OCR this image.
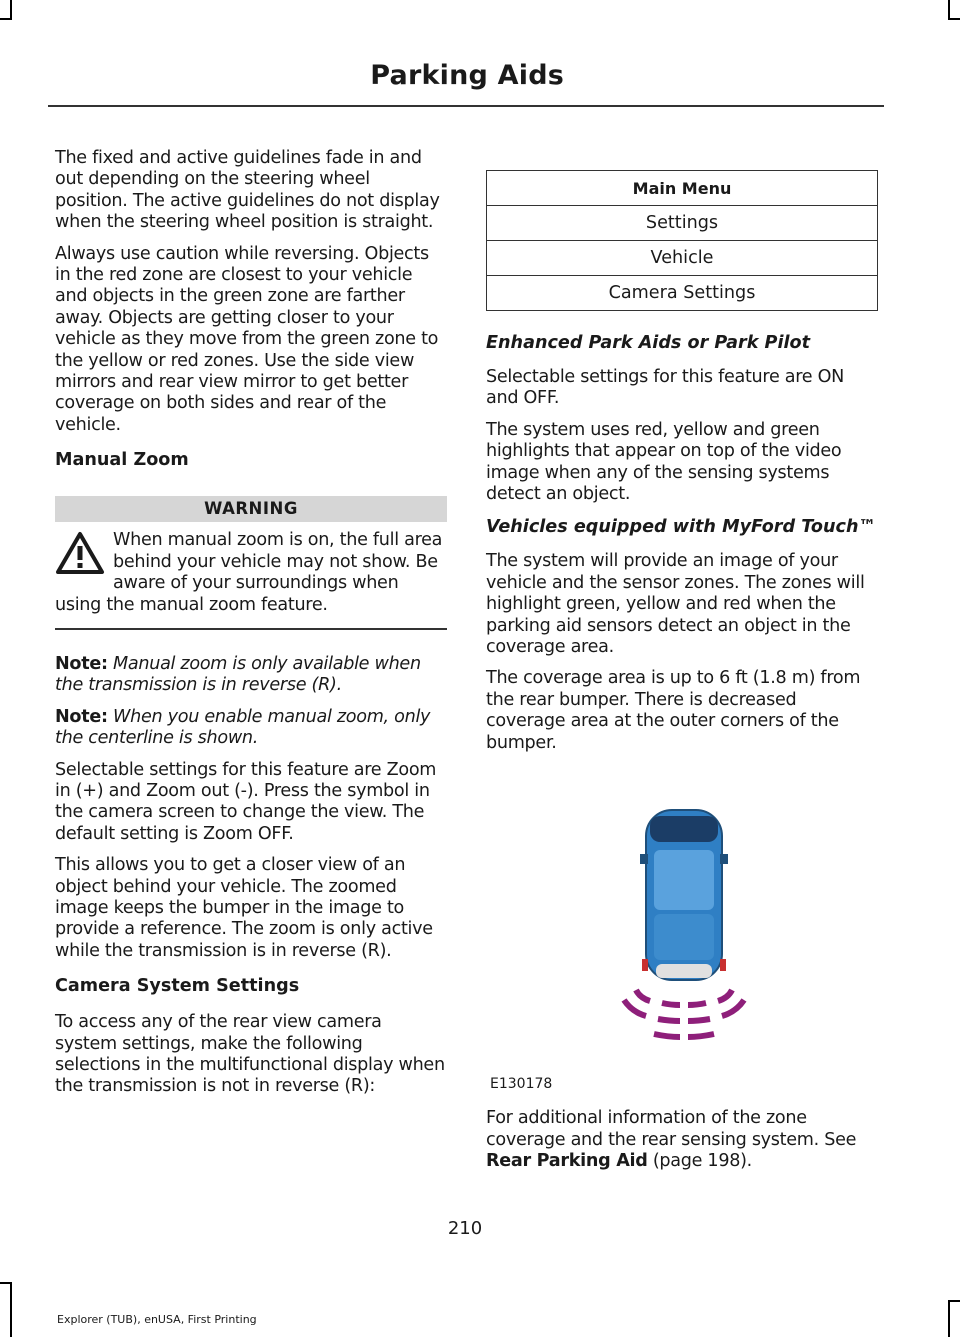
Parking Aids

The fixed and active guidelines fade in and out depending on the steering wheel position. The active guidelines do not display when the steering wheel position is straight.

Always use caution while reversing. Objects in the red zone are closest to your vehicle and objects in the green zone are farther away. Objects are getting closer to your vehicle as they move from the green zone to the yellow or red zones. Use the side view mirrors and rear view mirror to get better coverage on both sides and rear of the vehicle.

Manual Zoom
WARNING
When manual zoom is on, the full area behind your vehicle may not show. Be aware of your surroundings when using the manual zoom feature.

Note: Manual zoom is only available when the transmission is in reverse (R).

Note: When you enable manual zoom, only the centerline is shown.

Selectable settings for this feature are Zoom in (+) and Zoom out (-). Press the symbol in the camera screen to change the view. The default setting is Zoom OFF.

This allows you to get a closer view of an object behind your vehicle. The zoomed image keeps the bumper in the image to provide a reference. The zoom is only active while the transmission is in reverse (R).

Camera System Settings

To access any of the rear view camera system settings, make the following selections in the multifunctional display when the transmission is not in reverse (R):

Main Menu
Settings
Vehicle
Camera Settings
Enhanced Park Aids or Park Pilot

Selectable settings for this feature are ON and OFF.

The system uses red, yellow and green highlights that appear on top of the video image when any of the sensing systems detect an object.

Vehicles equipped with MyFord Touch™

The system will provide an image of your vehicle and the sensor zones. The zones will highlight green, yellow and red when the parking aid sensors detect an object in the coverage area.

The coverage area is up to 6 ft (1.8 m) from the rear bumper. There is decreased coverage area at the outer corners of the bumper.

E130178

For additional information of the zone coverage and the rear sensing system. See Rear Parking Aid (page 198).

210
Explorer (TUB), enUSA, First Printing
